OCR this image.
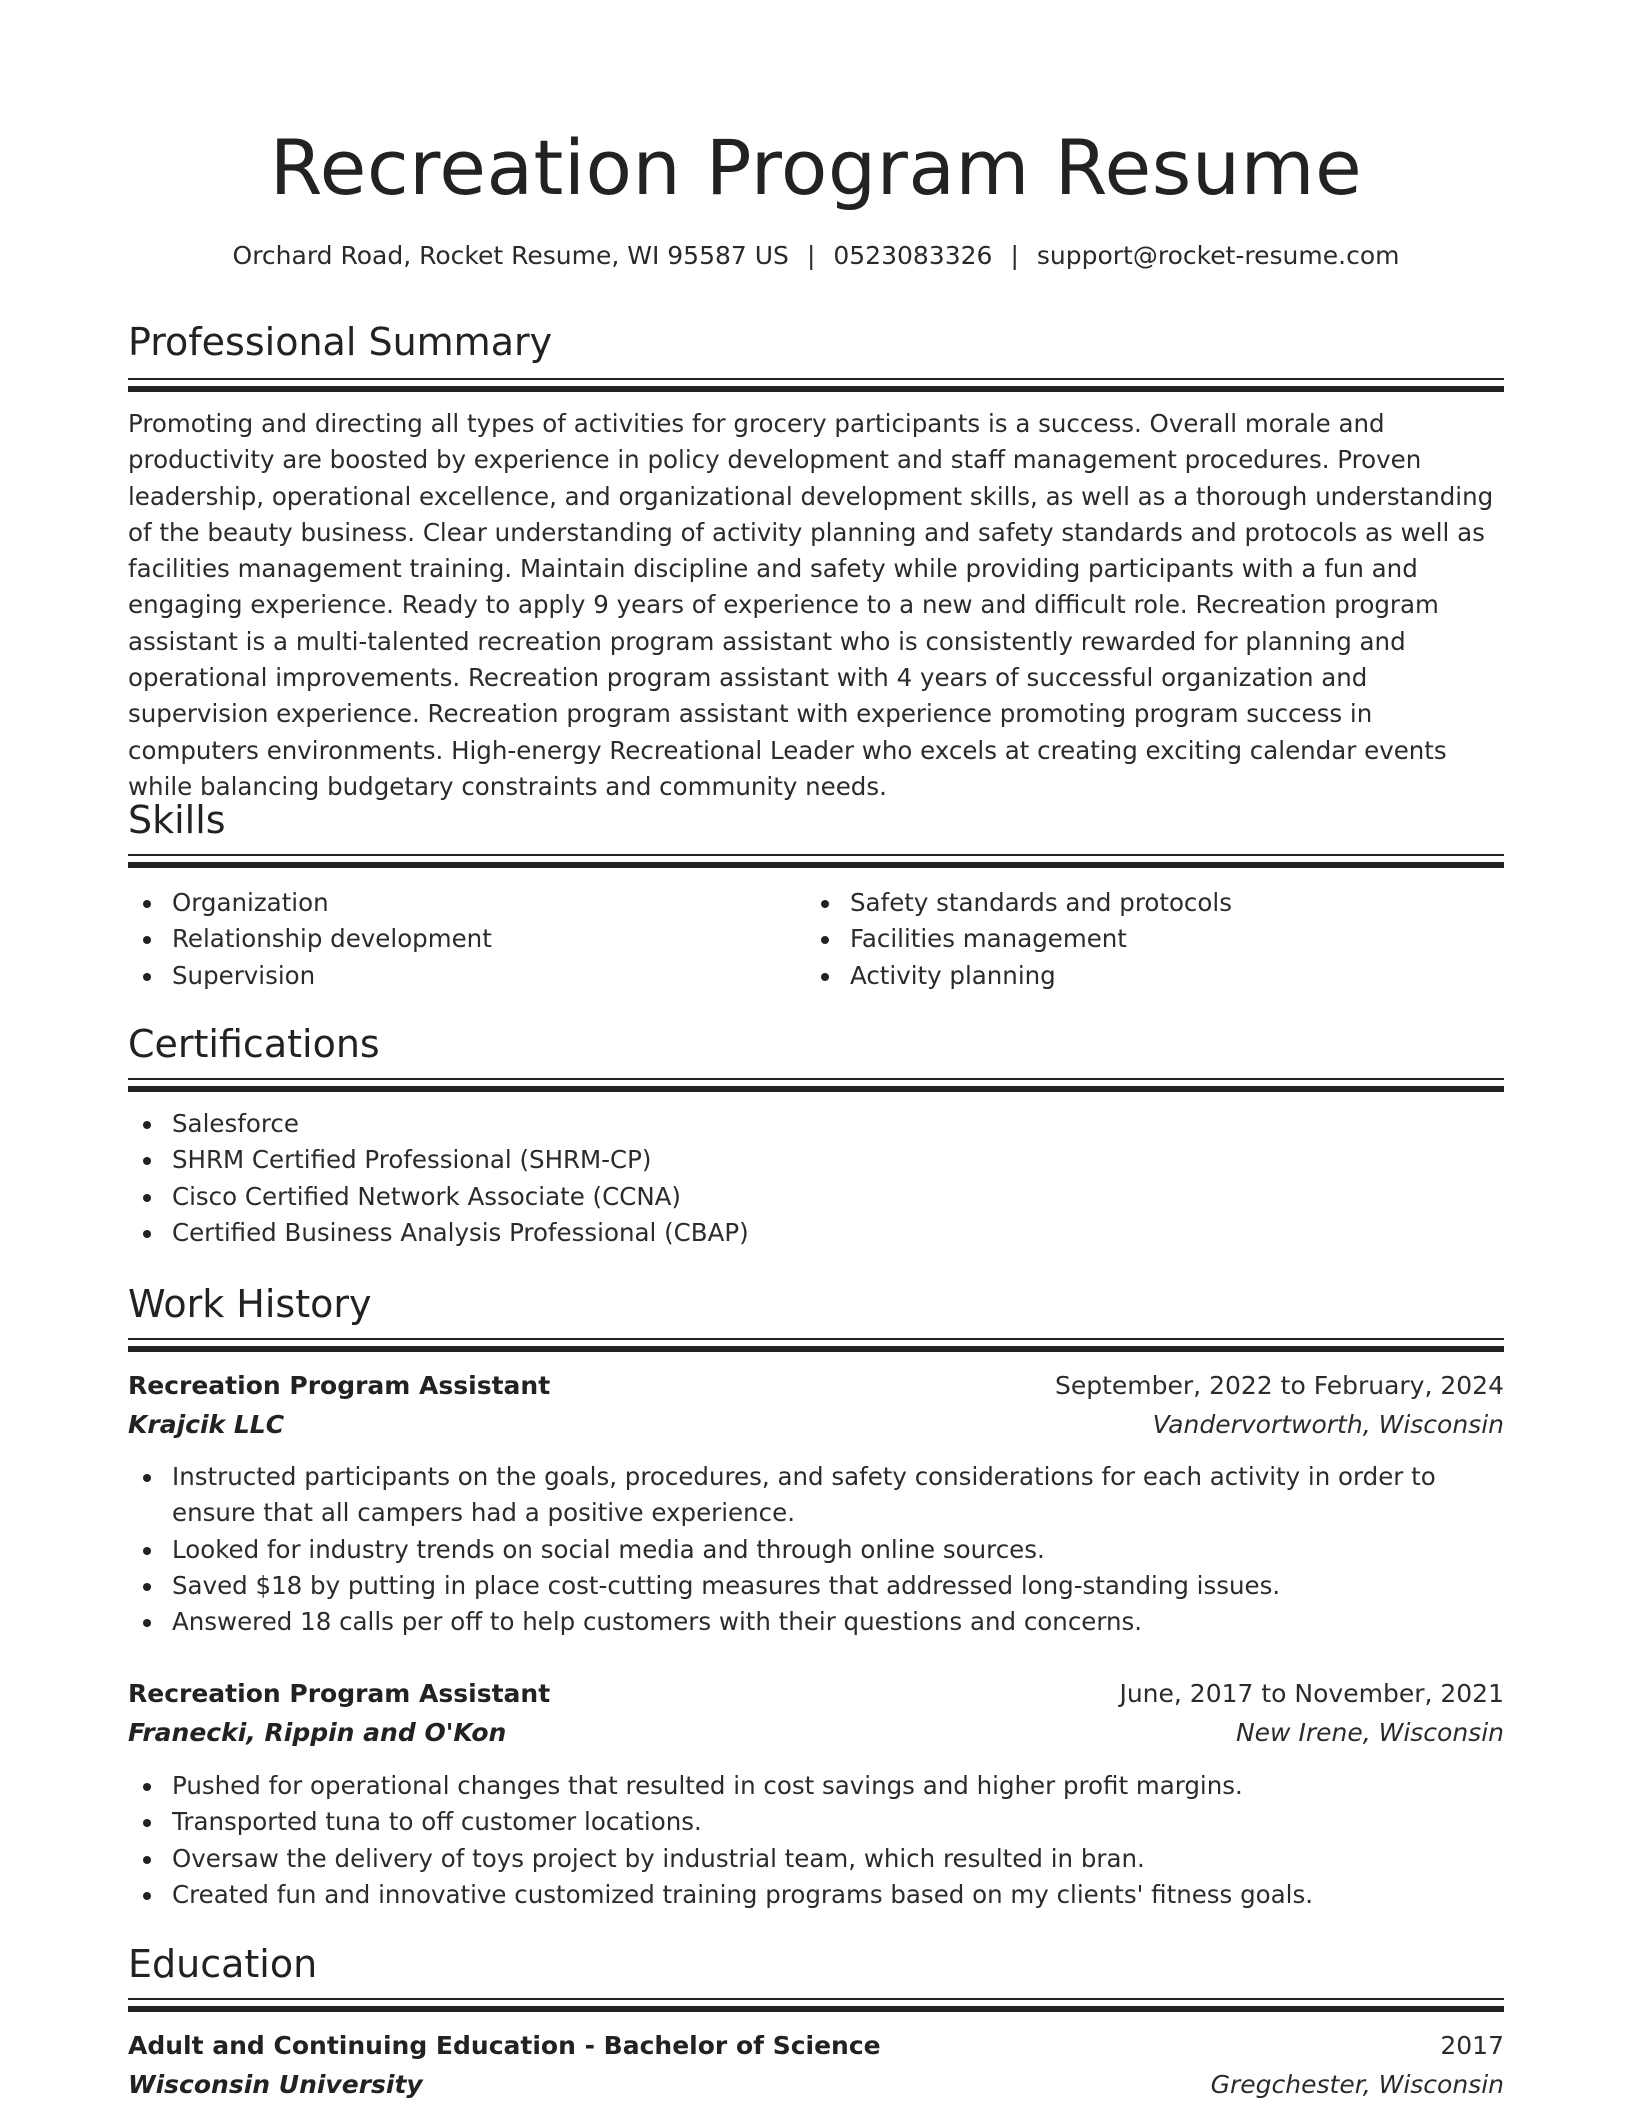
Recreation Program Resume
Orchard Road, Rocket Resume, WI 95587 US | 0523083326 | support@rocket-resume.com
Professional Summary
Promoting and directing all types of activities for grocery participants is a success. Overall morale and productivity are boosted by experience in policy development and staff management procedures. Proven leadership, operational excellence, and organizational development skills, as well as a thorough understanding of the beauty business. Clear understanding of activity planning and safety standards and protocols as well as facilities management training. Maintain discipline and safety while providing participants with a fun and engaging experience. Ready to apply 9 years of experience to a new and difficult role. Recreation program assistant is a multi-talented recreation program assistant who is consistently rewarded for planning and operational improvements. Recreation program assistant with 4 years of successful organization and supervision experience. Recreation program assistant with experience promoting program success in computers environments. High-energy Recreational Leader who excels at creating exciting calendar events while balancing budgetary constraints and community needs.
Skills
Organization
Relationship development
Supervision
Safety standards and protocols
Facilities management
Activity planning
Certifications
Salesforce
SHRM Certified Professional (SHRM-CP)
Cisco Certified Network Associate (CCNA)
Certified Business Analysis Professional (CBAP)
Work History
Recreation Program Assistant	September, 2022 to February, 2024
Krajcik LLC	Vandervortworth, Wisconsin
Instructed participants on the goals, procedures, and safety considerations for each activity in order to ensure that all campers had a positive experience.
Looked for industry trends on social media and through online sources.
Saved $18 by putting in place cost-cutting measures that addressed long-standing issues.
Answered 18 calls per off to help customers with their questions and concerns.
Recreation Program Assistant	June, 2017 to November, 2021
Franecki, Rippin and O'Kon	New Irene, Wisconsin
Pushed for operational changes that resulted in cost savings and higher profit margins.
Transported tuna to off customer locations.
Oversaw the delivery of toys project by industrial team, which resulted in bran.
Created fun and innovative customized training programs based on my clients' fitness goals.
Education
Adult and Continuing Education - Bachelor of Science	2017
Wisconsin University	Gregchester, Wisconsin
